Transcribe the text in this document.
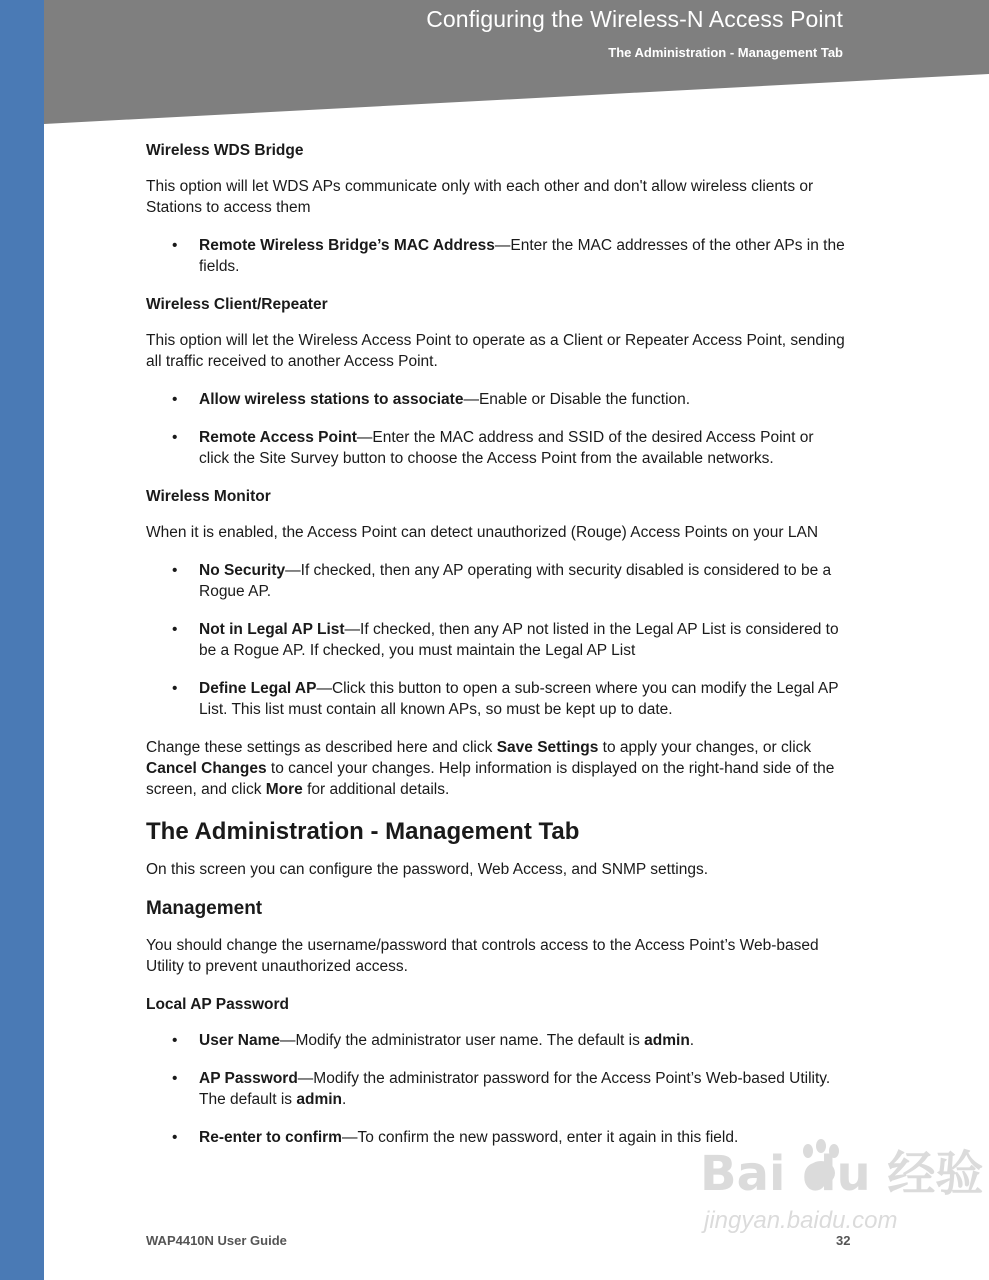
Configuring the Wireless-N Access Point
The Administration - Management Tab
Wireless WDS Bridge

This option will let WDS APs communicate only with each other and don't allow wireless clients or Stations to access them

• Remote Wireless Bridge’s MAC Address—Enter the MAC addresses of the other APs in the fields.
Wireless Client/Repeater

This option will let the Wireless Access Point to operate as a Client or Repeater Access Point, sending all traffic received to another Access Point.

• Allow wireless stations to associate—Enable or Disable the function.
• Remote Access Point—Enter the MAC address and SSID of the desired Access Point or click the Site Survey button to choose the Access Point from the available networks.
Wireless Monitor

When it is enabled, the Access Point can detect unauthorized (Rouge) Access Points on your LAN

• No Security—If checked, then any AP operating with security disabled is considered to be a Rogue AP.
• Not in Legal AP List—If checked, then any AP not listed in the Legal AP List is considered to be a Rogue AP. If checked, you must maintain the Legal AP List
• Define Legal AP—Click this button to open a sub-screen where you can modify the Legal AP List. This list must contain all known APs, so must be kept up to date.

Change these settings as described here and click Save Settings to apply your changes, or click Cancel Changes to cancel your changes. Help information is displayed on the right-hand side of the screen, and click More for additional details.

The Administration - Management Tab

On this screen you can configure the password, Web Access, and SNMP settings.

Management

You should change the username/password that controls access to the Access Point’s Web-based Utility to prevent unauthorized access.

Local AP Password
• User Name—Modify the administrator user name. The default is admin.
• AP Password—Modify the administrator password for the Access Point’s Web-based Utility. The default is admin.
• Re-enter to confirm—To confirm the new password, enter it again in this field.
WAP4410N User Guide	32
Bai du 经验
jingyan.baidu.com
